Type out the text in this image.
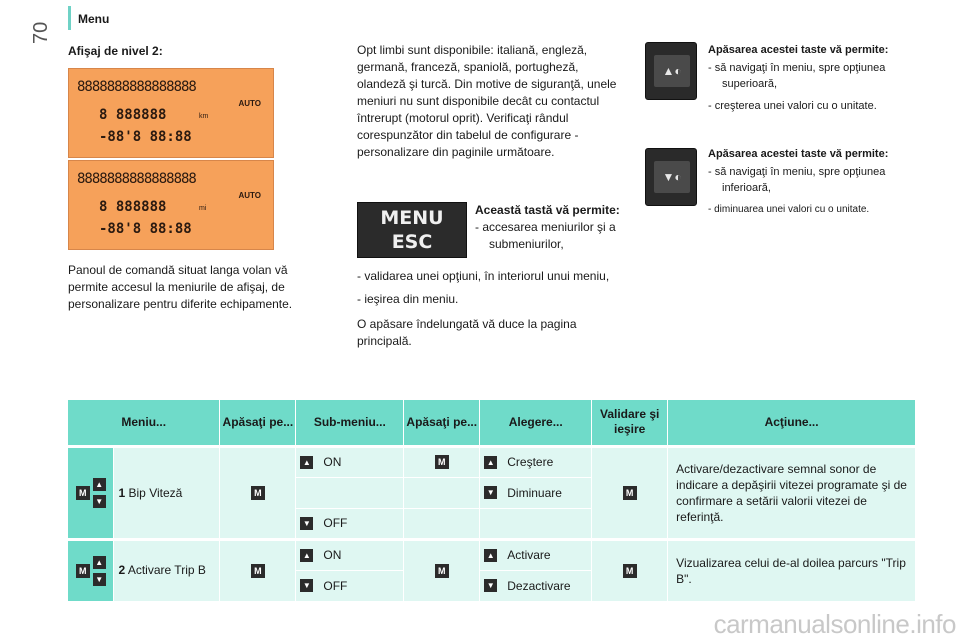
Menu
70
Afişaj de nivel 2:
8888888888888888
8 888888	km
AUTO
-88'8 88:88
8888888888888888
8 888888	mi
AUTO
-88'8 88:88
Panoul de comandă situat langa volan vă permite accesul la meniurile de afişaj, de personalizare pentru diferite echipamente.
Opt limbi sunt disponibile: italiană, engleză, germană, franceză, spaniolă, portugheză, olandeză şi turcă. Din motive de siguranţă, unele meniuri nu sunt disponibile decât cu contactul întrerupt (motorul oprit). Verificaţi rândul corespunzător din tabelul de configurare - personalizare din paginile următoare.
MENU
ESC
Această tastă vă permite:
- accesarea meniurilor şi a submeniurilor,
- validarea unei opţiuni, în interiorul unui meniu,
- ieşirea din meniu.
O apăsare îndelungată vă duce la pagina principală.
▲◐
Apăsarea acestei taste vă permite:
- să navigaţi în meniu, spre opţiunea superioară,
- creşterea unei valori cu o unitate.
▼◐
Apăsarea acestei taste vă permite:
- să navigaţi în meniu, spre opţiunea inferioară,
- diminuarea unei valori cu o unitate.
Meniu...		Apăsaţi pe...	Sub-meniu...	Apăsaţi pe...	Alegere...	Validare şi ieşire	Acţiune...

M
▲
▼	1 Bip Viteză	M	▲ ON	M	▲ Creştere	M	Activare/dezactivare semnal sonor de indicare a depăşirii vitezei programate şi de confirmare a setării valorii vitezei de referinţă.

					▼ Diminuare		

			▼ OFF				

M
▲
▼	2 Activare Trip B	M	▲ ON	M	▲ Activare	M	Vizualizarea celui de-al doilea parcurs "Trip B".

			▼ OFF		▼ Dezactivare		
carmanualsonline.info
